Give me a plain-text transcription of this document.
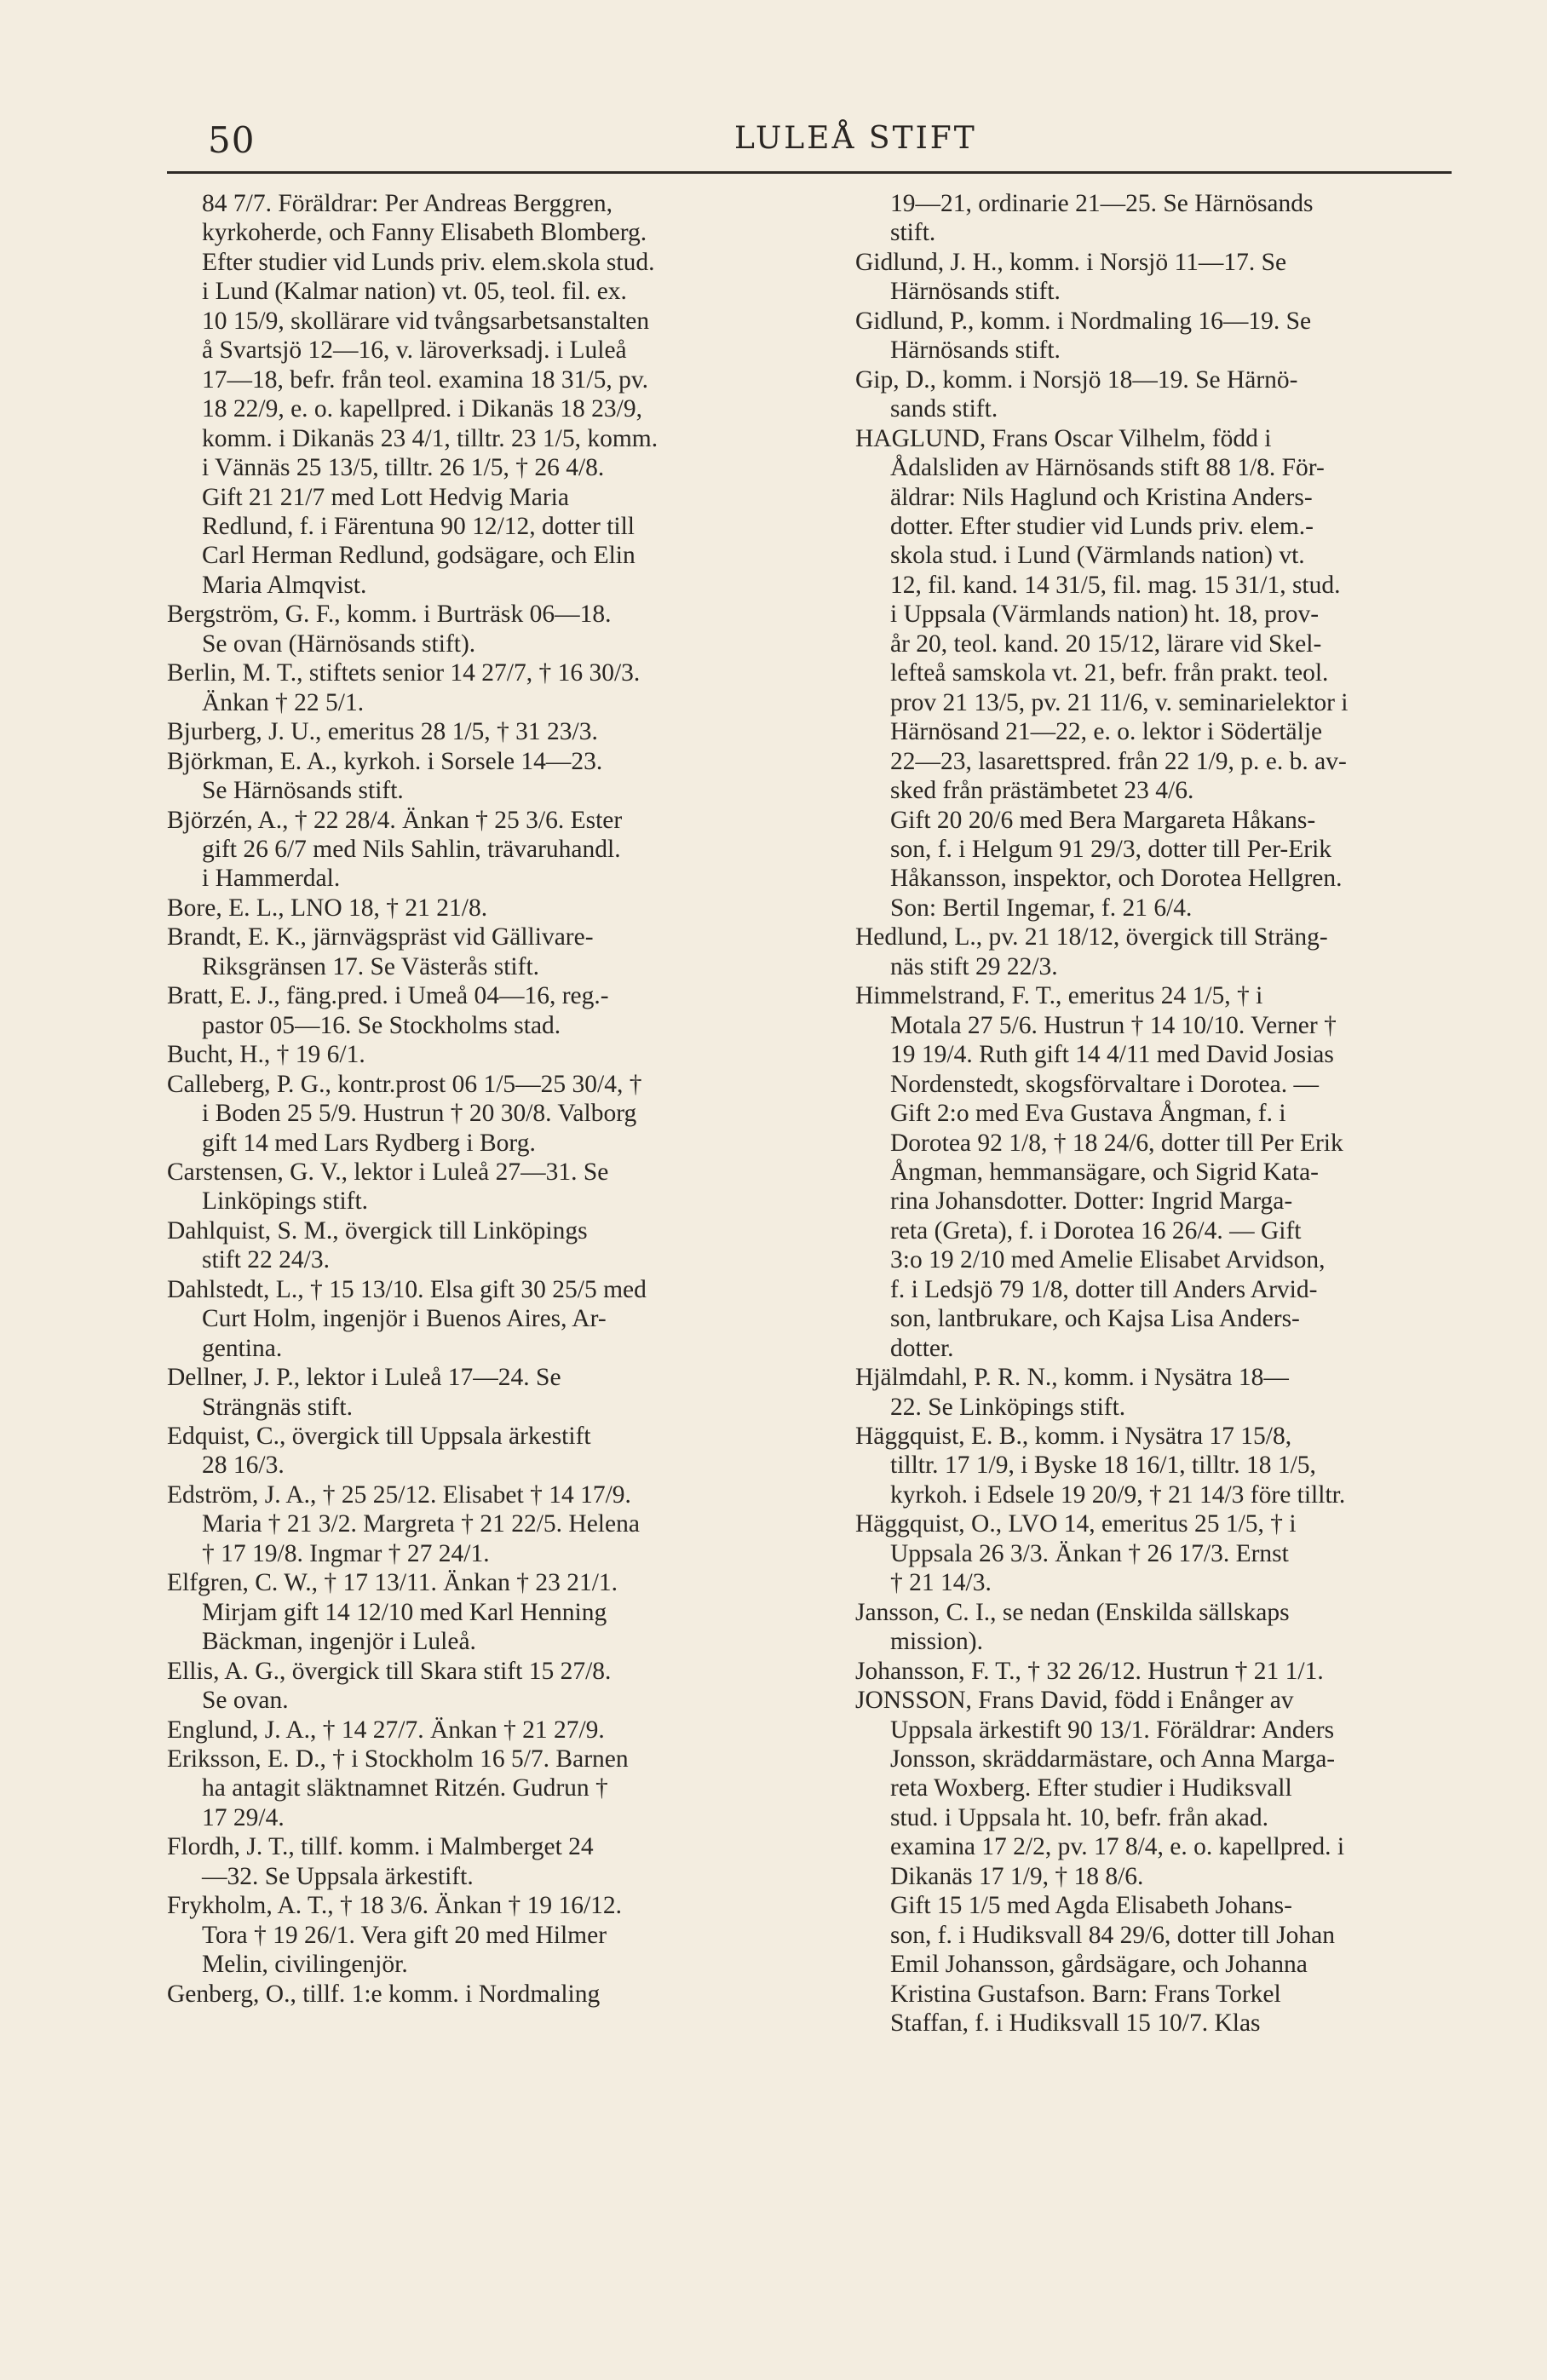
50	LULEÅ STIFT
84 7/7. Föräldrar: Per Andreas Berggren,
kyrkoherde, och Fanny Elisabeth Blomberg.
Efter studier vid Lunds priv. elem.skola stud.
i Lund (Kalmar nation) vt. 05, teol. fil. ex.
10 15/9, skollärare vid tvångsarbetsanstalten
å Svartsjö 12—16, v. läroverksadj. i Luleå
17—18, befr. från teol. examina 18 31/5, pv.
18 22/9, e. o. kapellpred. i Dikanäs 18 23/9,
komm. i Dikanäs 23 4/1, tilltr. 23 1/5, komm.
i Vännäs 25 13/5, tilltr. 26 1/5, † 26 4/8.
Gift 21 21/7 med Lott Hedvig Maria
Redlund, f. i Färentuna 90 12/12, dotter till
Carl Herman Redlund, godsägare, och Elin
Maria Almqvist.
Bergström, G. F., komm. i Burträsk 06—18.
Se ovan (Härnösands stift).
Berlin, M. T., stiftets senior 14 27/7, † 16 30/3.
Änkan † 22 5/1.
Bjurberg, J. U., emeritus 28 1/5, † 31 23/3.
Björkman, E. A., kyrkoh. i Sorsele 14—23.
Se Härnösands stift.
Björzén, A., † 22 28/4. Änkan † 25 3/6. Ester
gift 26 6/7 med Nils Sahlin, trävaruhandl.
i Hammerdal.
Bore, E. L., LNO 18, † 21 21/8.
Brandt, E. K., järnvägspräst vid Gällivare-
Riksgränsen 17. Se Västerås stift.
Bratt, E. J., fäng.pred. i Umeå 04—16, reg.-
pastor 05—16. Se Stockholms stad.
Bucht, H., † 19 6/1.
Calleberg, P. G., kontr.prost 06 1/5—25 30/4, †
i Boden 25 5/9. Hustrun † 20 30/8. Valborg
gift 14 med Lars Rydberg i Borg.
Carstensen, G. V., lektor i Luleå 27—31. Se
Linköpings stift.
Dahlquist, S. M., övergick till Linköpings
stift 22 24/3.
Dahlstedt, L., † 15 13/10. Elsa gift 30 25/5 med
Curt Holm, ingenjör i Buenos Aires, Ar-
gentina.
Dellner, J. P., lektor i Luleå 17—24. Se
Strängnäs stift.
Edquist, C., övergick till Uppsala ärkestift
28 16/3.
Edström, J. A., † 25 25/12. Elisabet † 14 17/9.
Maria † 21 3/2. Margreta † 21 22/5. Helena
† 17 19/8. Ingmar † 27 24/1.
Elfgren, C. W., † 17 13/11. Änkan † 23 21/1.
Mirjam gift 14 12/10 med Karl Henning
Bäckman, ingenjör i Luleå.
Ellis, A. G., övergick till Skara stift 15 27/8.
Se ovan.
Englund, J. A., † 14 27/7. Änkan † 21 27/9.
Eriksson, E. D., † i Stockholm 16 5/7. Barnen
ha antagit släktnamnet Ritzén. Gudrun †
17 29/4.
Flordh, J. T., tillf. komm. i Malmberget 24
—32. Se Uppsala ärkestift.
Frykholm, A. T., † 18 3/6. Änkan † 19 16/12.
Tora † 19 26/1. Vera gift 20 med Hilmer
Melin, civilingenjör.
Genberg, O., tillf. 1:e komm. i Nordmaling
19—21, ordinarie 21—25. Se Härnösands
stift.
Gidlund, J. H., komm. i Norsjö 11—17. Se
Härnösands stift.
Gidlund, P., komm. i Nordmaling 16—19. Se
Härnösands stift.
Gip, D., komm. i Norsjö 18—19. Se Härnö-
sands stift.
HAGLUND, Frans Oscar Vilhelm, född i
Ådalsliden av Härnösands stift 88 1/8. För-
äldrar: Nils Haglund och Kristina Anders-
dotter. Efter studier vid Lunds priv. elem.-
skola stud. i Lund (Värmlands nation) vt.
12, fil. kand. 14 31/5, fil. mag. 15 31/1, stud.
i Uppsala (Värmlands nation) ht. 18, prov-
år 20, teol. kand. 20 15/12, lärare vid Skel-
lefteå samskola vt. 21, befr. från prakt. teol.
prov 21 13/5, pv. 21 11/6, v. seminarielektor i
Härnösand 21—22, e. o. lektor i Södertälje
22—23, lasarettspred. från 22 1/9, p. e. b. av-
sked från prästämbetet 23 4/6.
Gift 20 20/6 med Bera Margareta Håkans-
son, f. i Helgum 91 29/3, dotter till Per-Erik
Håkansson, inspektor, och Dorotea Hellgren.
Son: Bertil Ingemar, f. 21 6/4.
Hedlund, L., pv. 21 18/12, övergick till Sträng-
näs stift 29 22/3.
Himmelstrand, F. T., emeritus 24 1/5, † i
Motala 27 5/6. Hustrun † 14 10/10. Verner †
19 19/4. Ruth gift 14 4/11 med David Josias
Nordenstedt, skogsförvaltare i Dorotea. —
Gift 2:o med Eva Gustava Ångman, f. i
Dorotea 92 1/8, † 18 24/6, dotter till Per Erik
Ångman, hemmansägare, och Sigrid Kata-
rina Johansdotter. Dotter: Ingrid Marga-
reta (Greta), f. i Dorotea 16 26/4. — Gift
3:o 19 2/10 med Amelie Elisabet Arvidson,
f. i Ledsjö 79 1/8, dotter till Anders Arvid-
son, lantbrukare, och Kajsa Lisa Anders-
dotter.
Hjälmdahl, P. R. N., komm. i Nysätra 18—
22. Se Linköpings stift.
Häggquist, E. B., komm. i Nysätra 17 15/8,
tilltr. 17 1/9, i Byske 18 16/1, tilltr. 18 1/5,
kyrkoh. i Edsele 19 20/9, † 21 14/3 före tilltr.
Häggquist, O., LVO 14, emeritus 25 1/5, † i
Uppsala 26 3/3. Änkan † 26 17/3. Ernst
† 21 14/3.
Jansson, C. I., se nedan (Enskilda sällskaps
mission).
Johansson, F. T., † 32 26/12. Hustrun † 21 1/1.
JONSSON, Frans David, född i Enånger av
Uppsala ärkestift 90 13/1. Föräldrar: Anders
Jonsson, skräddarmästare, och Anna Marga-
reta Woxberg. Efter studier i Hudiksvall
stud. i Uppsala ht. 10, befr. från akad.
examina 17 2/2, pv. 17 8/4, e. o. kapellpred. i
Dikanäs 17 1/9, † 18 8/6.
Gift 15 1/5 med Agda Elisabeth Johans-
son, f. i Hudiksvall 84 29/6, dotter till Johan
Emil Johansson, gårdsägare, och Johanna
Kristina Gustafson. Barn: Frans Torkel
Staffan, f. i Hudiksvall 15 10/7. Klas
